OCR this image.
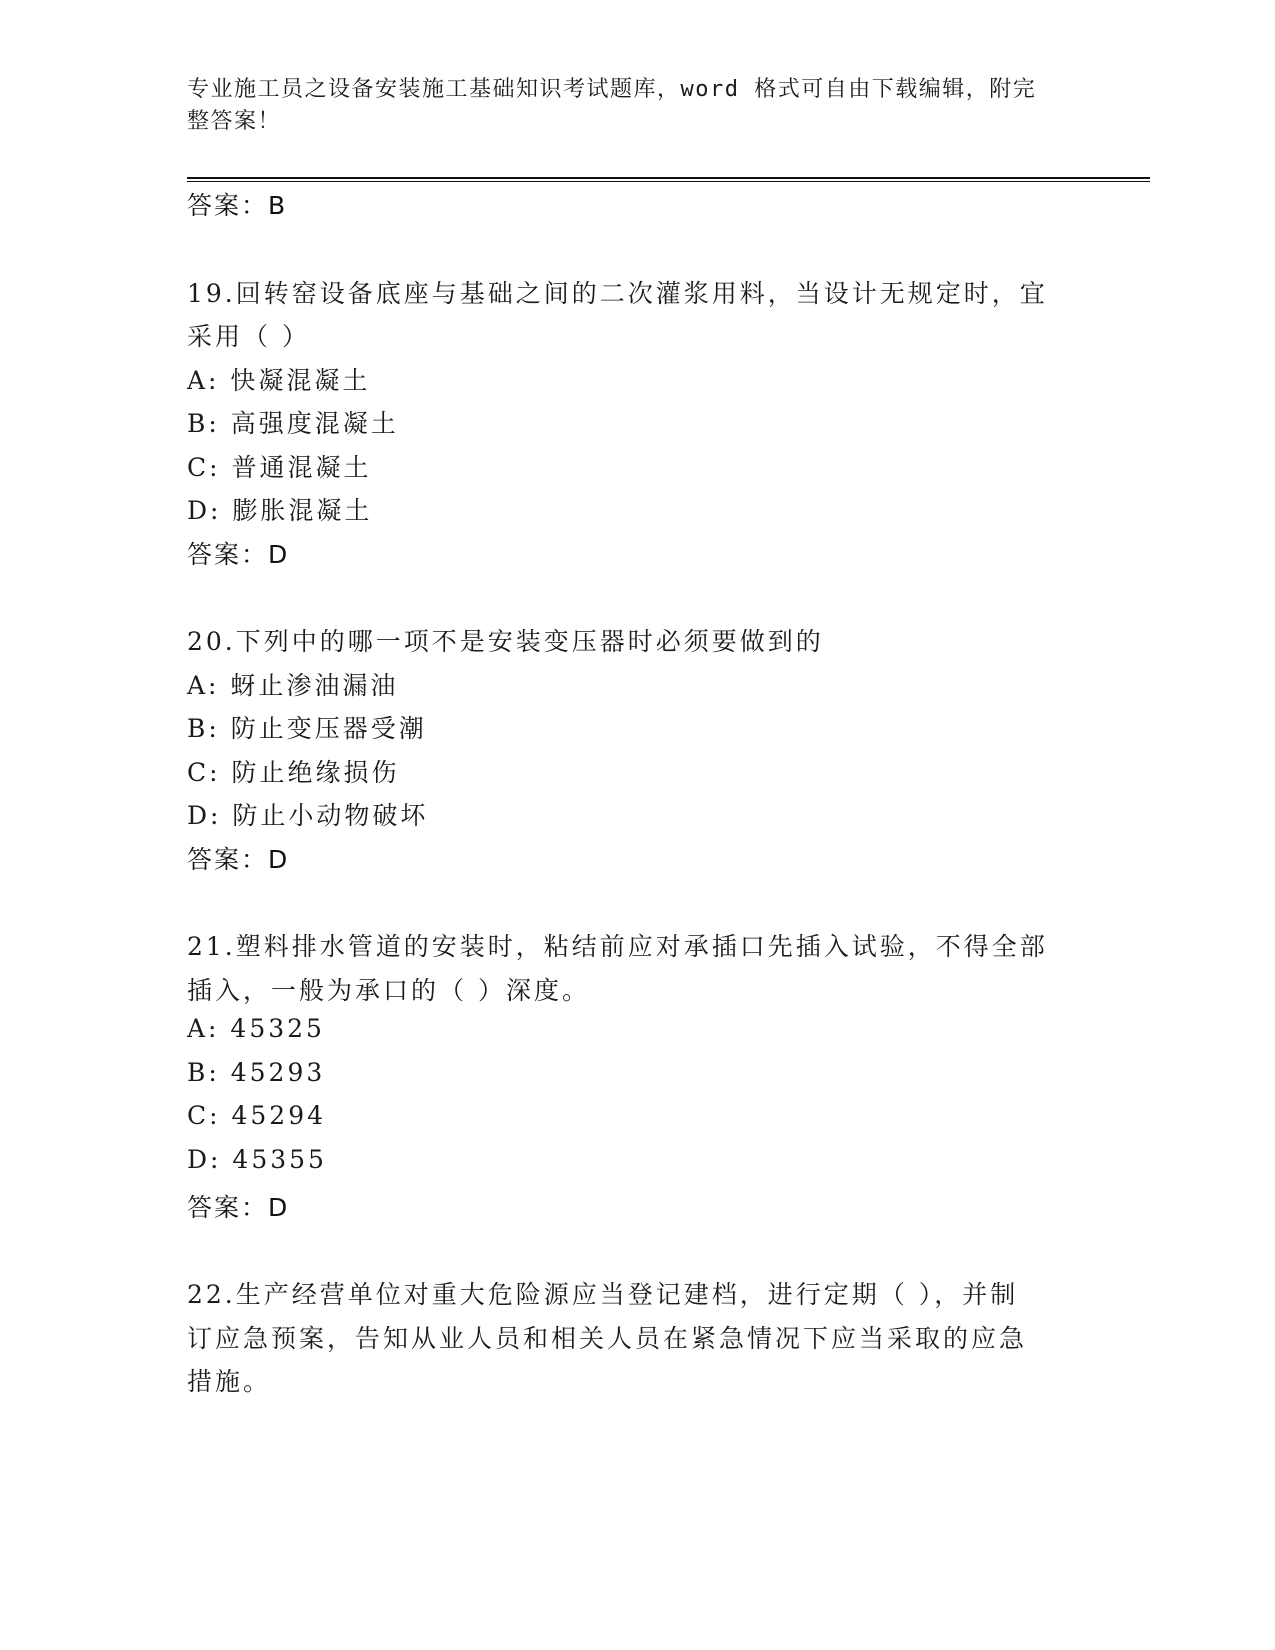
专业施工员之设备安装施工基础知识考试题库，word 格式可自由下载编辑，附完
整答案！
答案：B
19.回转窑设备底座与基础之间的二次灌浆用料，当设计无规定时，宜
采用（ ）
A: 快凝混凝土
B: 高强度混凝土
C: 普通混凝土
D: 膨胀混凝土
答案：D
20.下列中的哪一项不是安装变压器时必须要做到的
A: 蚜止渗油漏油
B: 防止变压器受潮
C: 防止绝缘损伤
D: 防止小动物破坏
答案：D
21.塑料排水管道的安装时，粘结前应对承插口先插入试验，不得全部
插入，一般为承口的（ ）深度。
A: 45325
B: 45293
C: 45294
D: 45355
答案：D
22.生产经营单位对重大危险源应当登记建档，进行定期（ ），并制
订应急预案，告知从业人员和相关人员在紧急情况下应当采取的应急
措施。
